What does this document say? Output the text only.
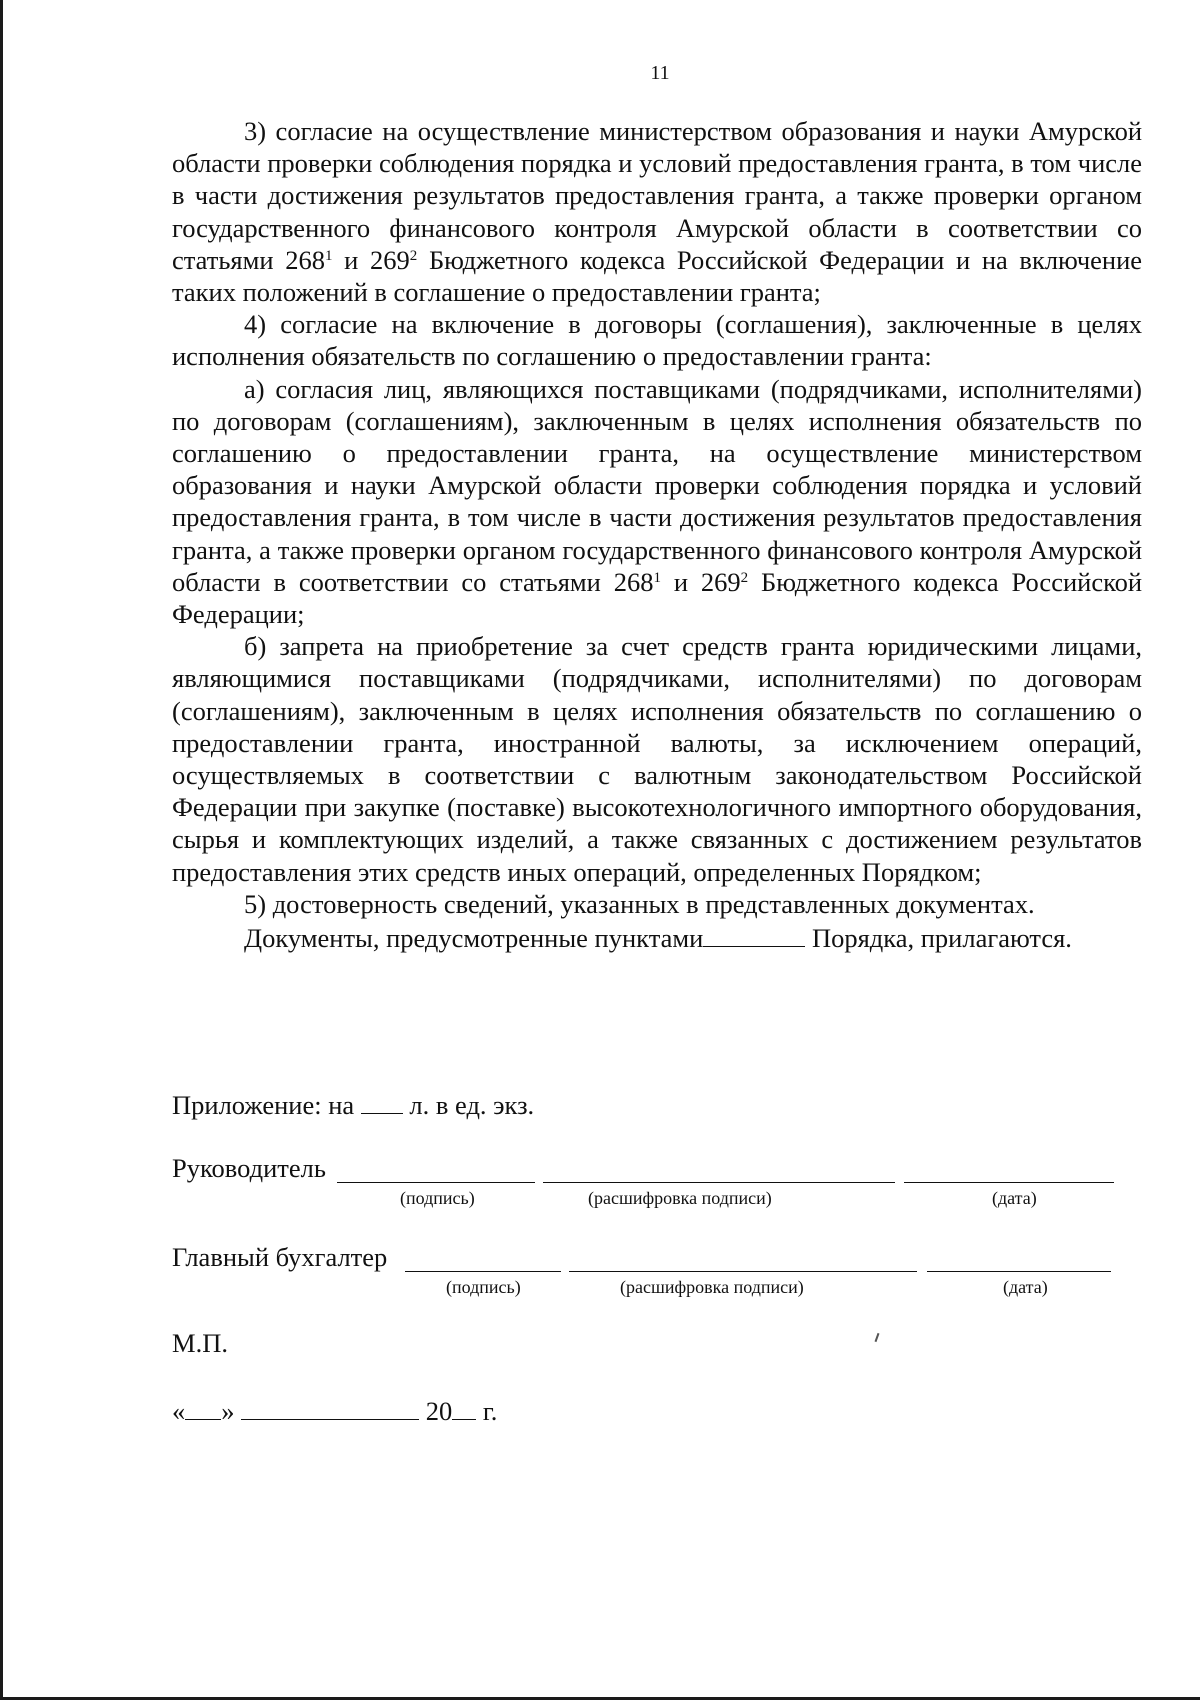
11

3) согласие на осуществление министерством образования и науки Амурской области проверки соблюдения порядка и условий предоставления гранта, в том числе в части достижения результатов предоставления гранта, а также проверки органом государственного финансового контроля Амурской области в соответствии со статьями $268^1$ и $269^2$ Бюджетного кодекса Российской Федерации и на включение таких положений в соглашение о предоставлении гранта;

4) согласие на включение в договоры (соглашения), заключенные в целях исполнения обязательств по соглашению о предоставлении гранта:

а) согласия лиц, являющихся поставщиками (подрядчиками, исполнителями) по договорам (соглашениям), заключенным в целях исполнения обязательств по соглашению о предоставлении гранта, на осуществление министерством образования и науки Амурской области проверки соблюдения порядка и условий предоставления гранта, в том числе в части достижения результатов предоставления гранта, а также проверки органом государственного финансового контроля Амурской области в соответствии со статьями $268^1$ и $269^2$ Бюджетного кодекса Российской Федерации;

б) запрета на приобретение за счет средств гранта юридическими лицами, являющимися поставщиками (подрядчиками, исполнителями) по договорам (соглашениям), заключенным в целях исполнения обязательств по соглашению о предоставлении гранта, иностранной валюты, за исключением операций, осуществляемых в соответствии с валютным законодательством Российской Федерации при закупке (поставке) высокотехнологичного импортного оборудования, сырья и комплектующих изделий, а также связанных с достижением результатов предоставления этих средств иных операций, определенных Порядком;

5) достоверность сведений, указанных в представленных документах.

Документы, предусмотренные пунктами	Порядка, прилагаются.

Приложение: на л. в ед. экз.
Руководитель
(подпись)	(расшифровка подписи)	(дата)
Главный бухгалтер
(подпись)	(расшифровка подписи)	(дата)
М.П.
« »	20 г.
